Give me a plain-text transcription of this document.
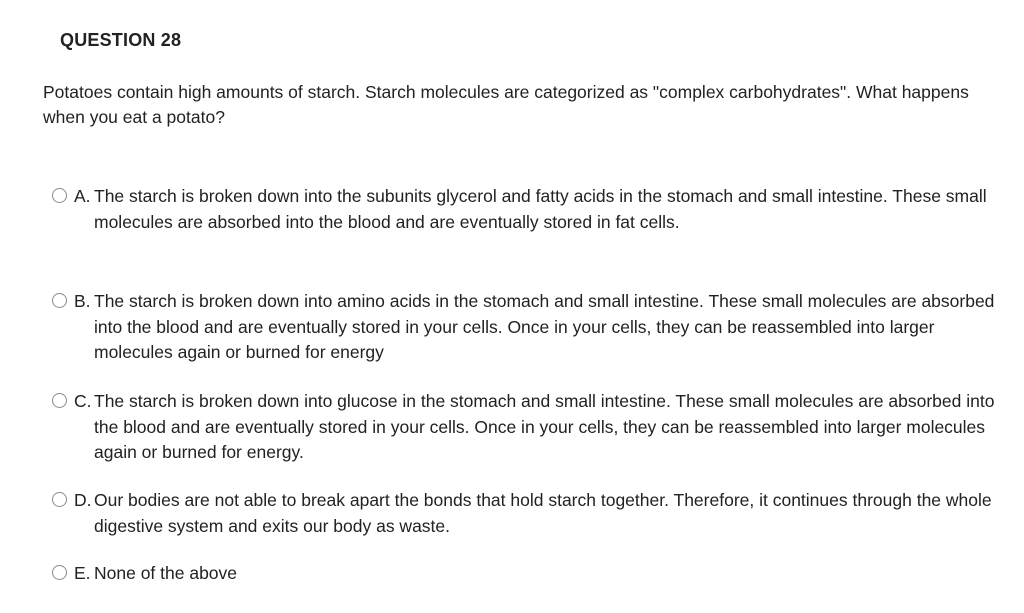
QUESTION 28
Potatoes contain high amounts of starch. Starch molecules are categorized as "complex carbohydrates". What happens when you eat a potato?
A. The starch is broken down into the subunits glycerol and fatty acids in the stomach and small intestine. These small molecules are absorbed into the blood and are eventually stored in fat cells.
B. The starch is broken down into amino acids in the stomach and small intestine. These small molecules are absorbed into the blood and are eventually stored in your cells. Once in your cells, they can be reassembled into larger molecules again or burned for energy
C. The starch is broken down into glucose in the stomach and small intestine. These small molecules are absorbed into the blood and are eventually stored in your cells. Once in your cells, they can be reassembled into larger molecules again or burned for energy.
D. Our bodies are not able to break apart the bonds that hold starch together. Therefore, it continues through the whole digestive system and exits our body as waste.
E. None of the above
